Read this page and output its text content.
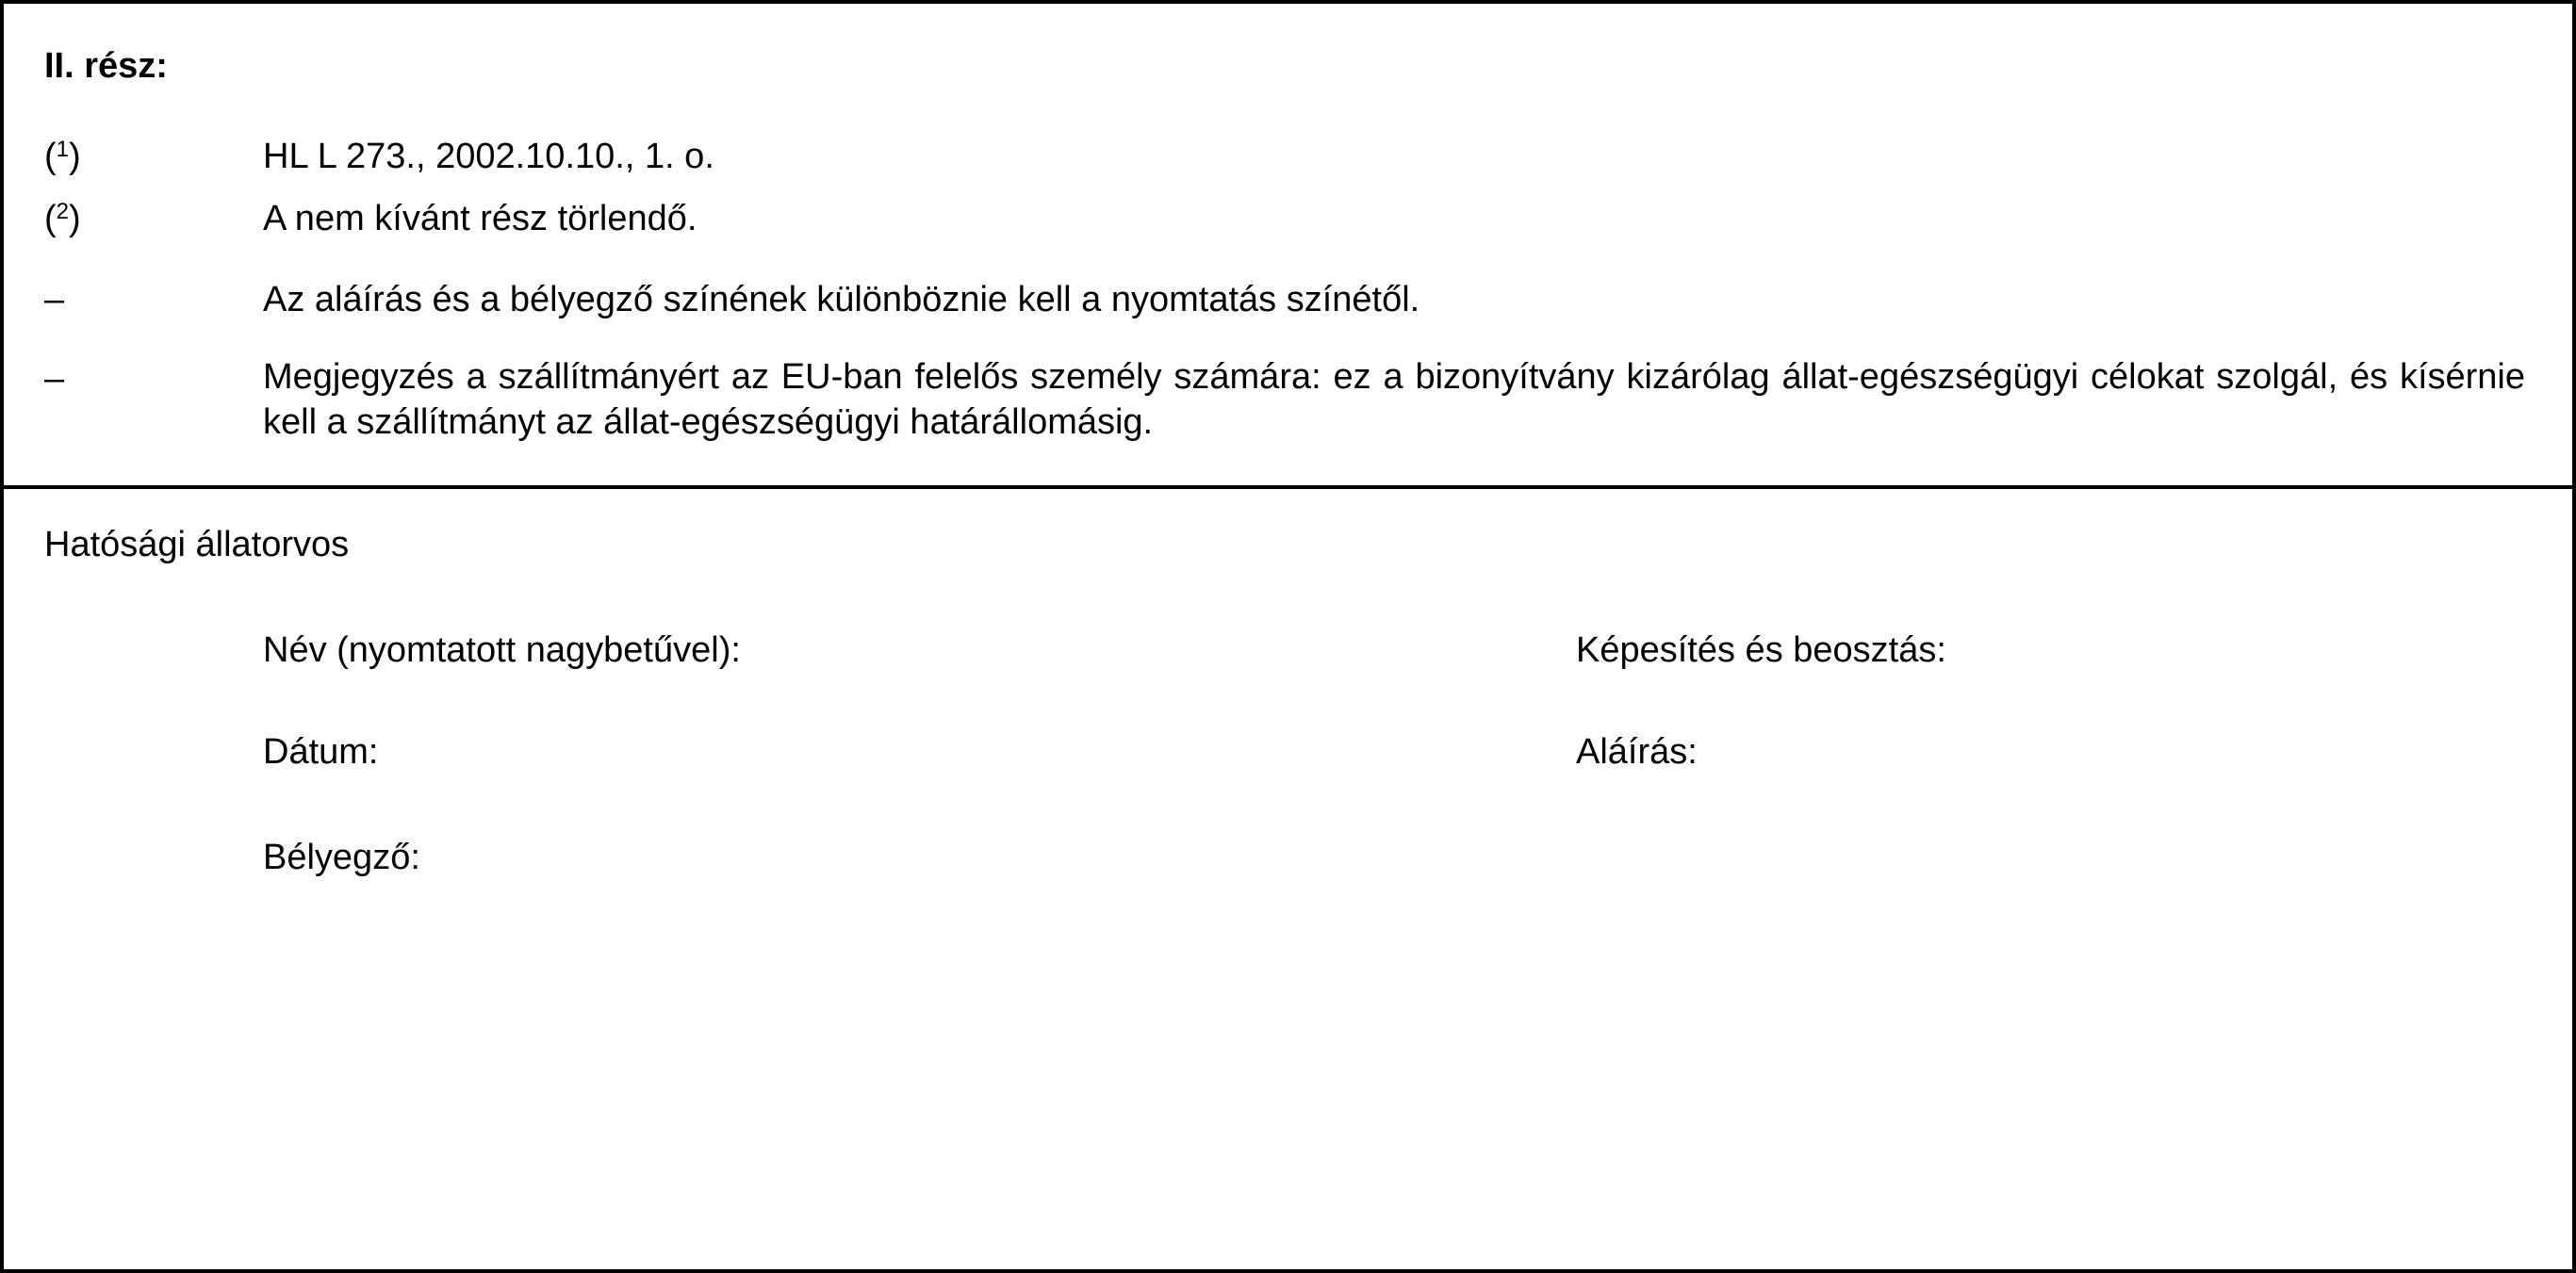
II. rész:
($^1$)	HL L 273., 2002.10.10., 1. o.
($^2$)	A nem kívánt rész törlendő.
–	Az aláírás és a bélyegző színének különböznie kell a nyomtatás színétől.
–	Megjegyzés a szállítmányért az EU-ban felelős személy számára: ez a bizonyítvány kizárólag állat-egészségügyi célokat szolgál, és kísérnie kell a szállítmányt az állat-egészségügyi határállomásig.
Hatósági állatorvos
Név (nyomtatott nagybetűvel):	Képesítés és beosztás:
Dátum:	Aláírás:
Bélyegző:
